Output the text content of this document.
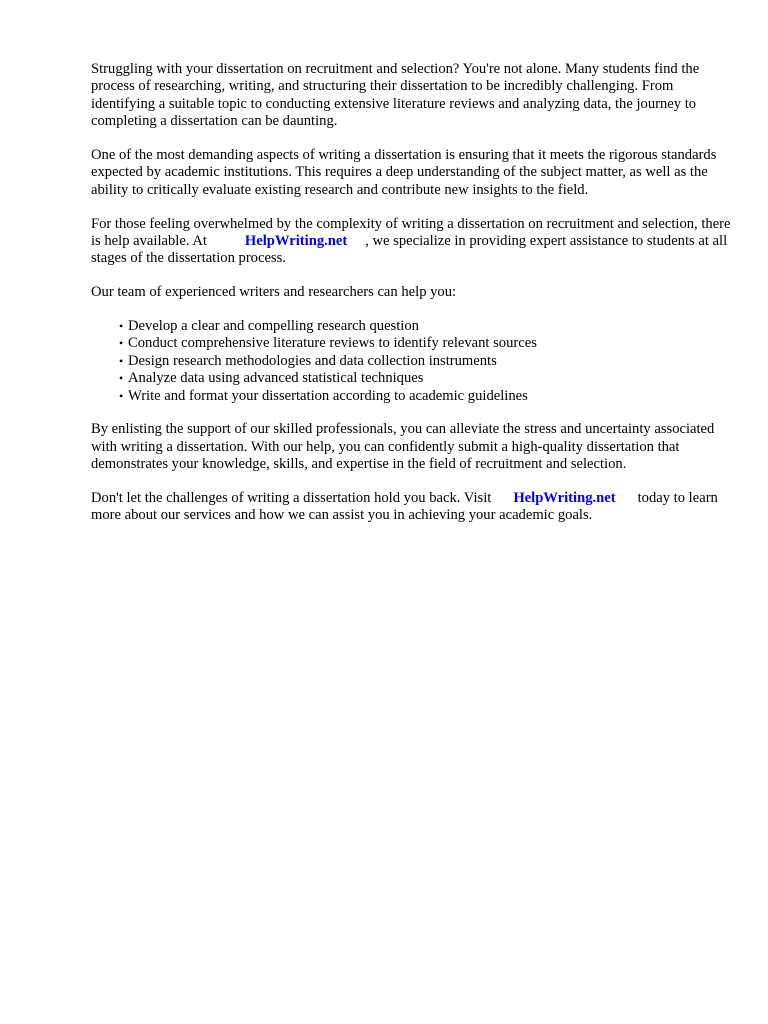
Struggling with your dissertation on recruitment and selection? You're not alone. Many students find the process of researching, writing, and structuring their dissertation to be incredibly challenging. From identifying a suitable topic to conducting extensive literature reviews and analyzing data, the journey to completing a dissertation can be daunting.

One of the most demanding aspects of writing a dissertation is ensuring that it meets the rigorous standards expected by academic institutions. This requires a deep understanding of the subject matter, as well as the ability to critically evaluate existing research and contribute new insights to the field.

For those feeling overwhelmed by the complexity of writing a dissertation on recruitment and selection, there is help available. At	HelpWriting.net , we specialize in providing expert assistance to students at all stages of the dissertation process.

Our team of experienced writers and researchers can help you:

• Develop a clear and compelling research question
• Conduct comprehensive literature reviews to identify relevant sources
• Design research methodologies and data collection instruments
• Analyze data using advanced statistical techniques
• Write and format your dissertation according to academic guidelines

By enlisting the support of our skilled professionals, you can alleviate the stress and uncertainty associated with writing a dissertation. With our help, you can confidently submit a high-quality dissertation that demonstrates your knowledge, skills, and expertise in the field of recruitment and selection.

Don't let the challenges of writing a dissertation hold you back. Visit HelpWriting.net today to learn more about our services and how we can assist you in achieving your academic goals.
